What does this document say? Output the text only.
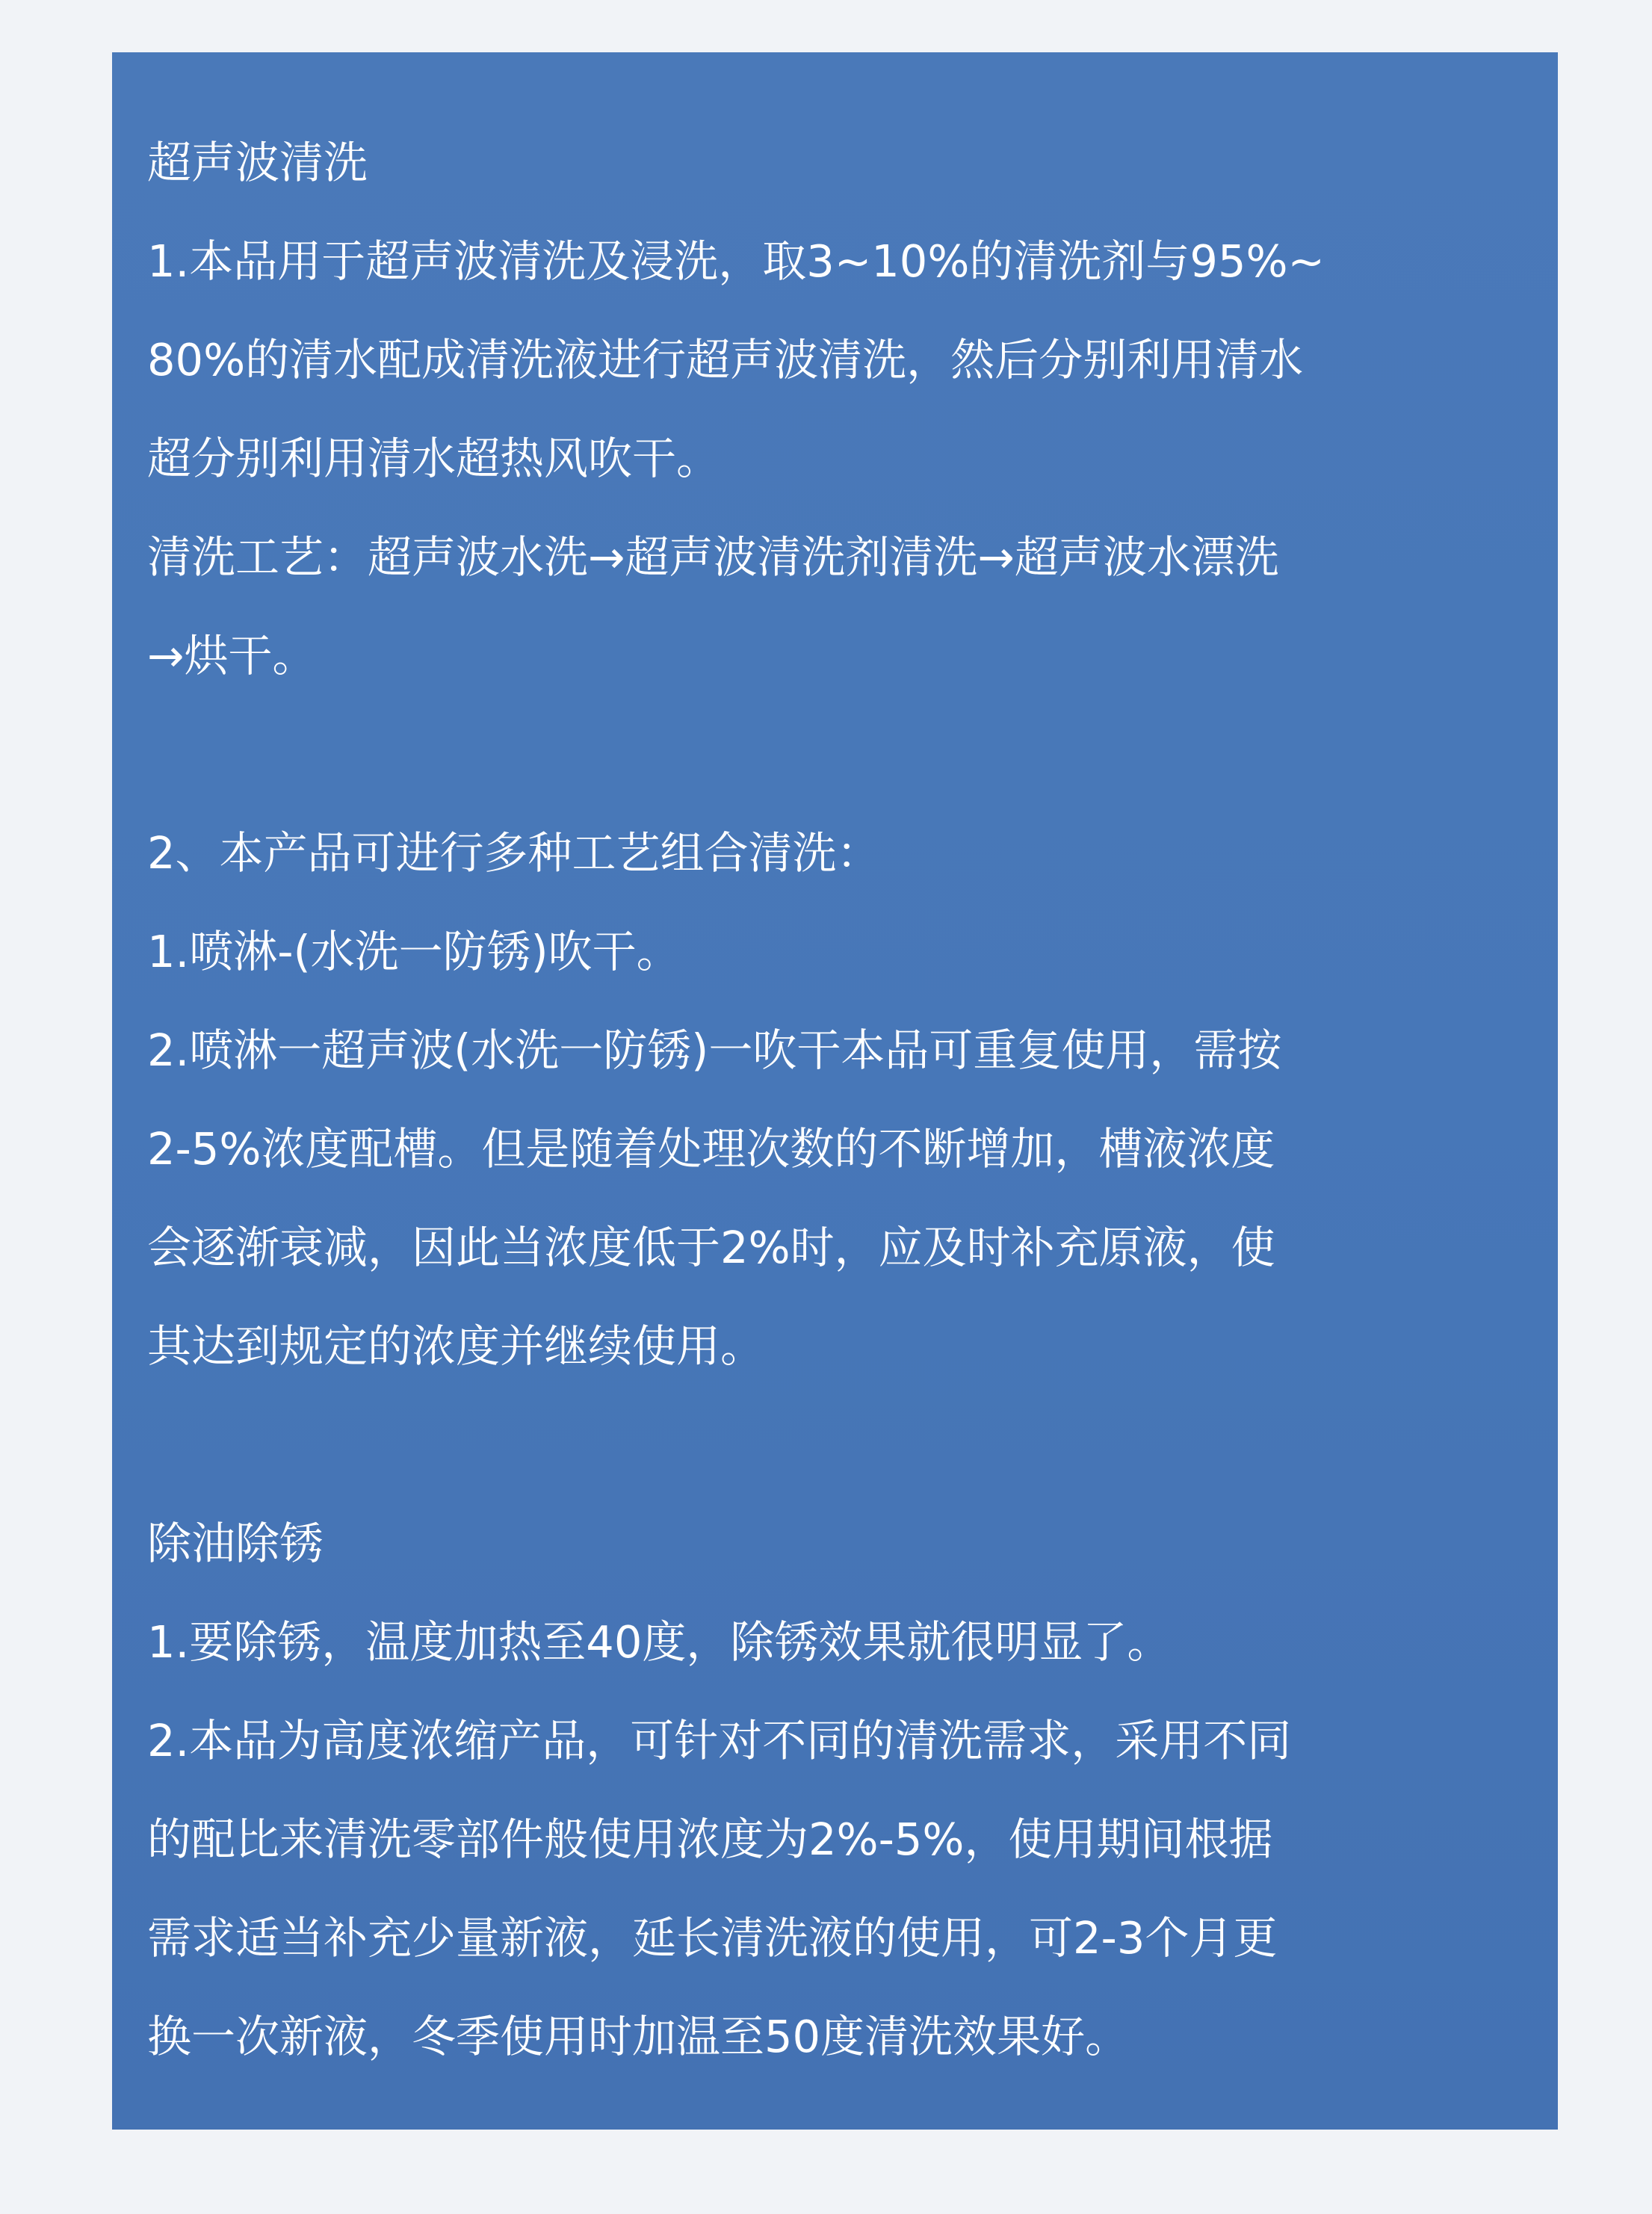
超声波清洗
1.本品用于超声波清洗及浸洗，取3~10%的清洗剂与95%~
80%的清水配成清洗液进行超声波清洗，然后分别利用清水
超分别利用清水超热风吹干。
清洗工艺：超声波水洗→超声波清洗剂清洗→超声波水漂洗
→烘干。
2、本产品可进行多种工艺组合清洗：
1.喷淋-(水洗一防锈)吹干。
2.喷淋一超声波(水洗一防锈)一吹干本品可重复使用，需按
2-5%浓度配槽。但是随着处理次数的不断增加，槽液浓度
会逐渐衰减，因此当浓度低于2%时，应及时补充原液，使
其达到规定的浓度并继续使用。
除油除锈
1.要除锈，温度加热至40度，除锈效果就很明显了。
2.本品为高度浓缩产品，可针对不同的清洗需求，采用不同
的配比来清洗零部件般使用浓度为2%-5%，使用期间根据
需求适当补充少量新液，延长清洗液的使用，可2-3个月更
换一次新液，冬季使用时加温至50度清洗效果好。
